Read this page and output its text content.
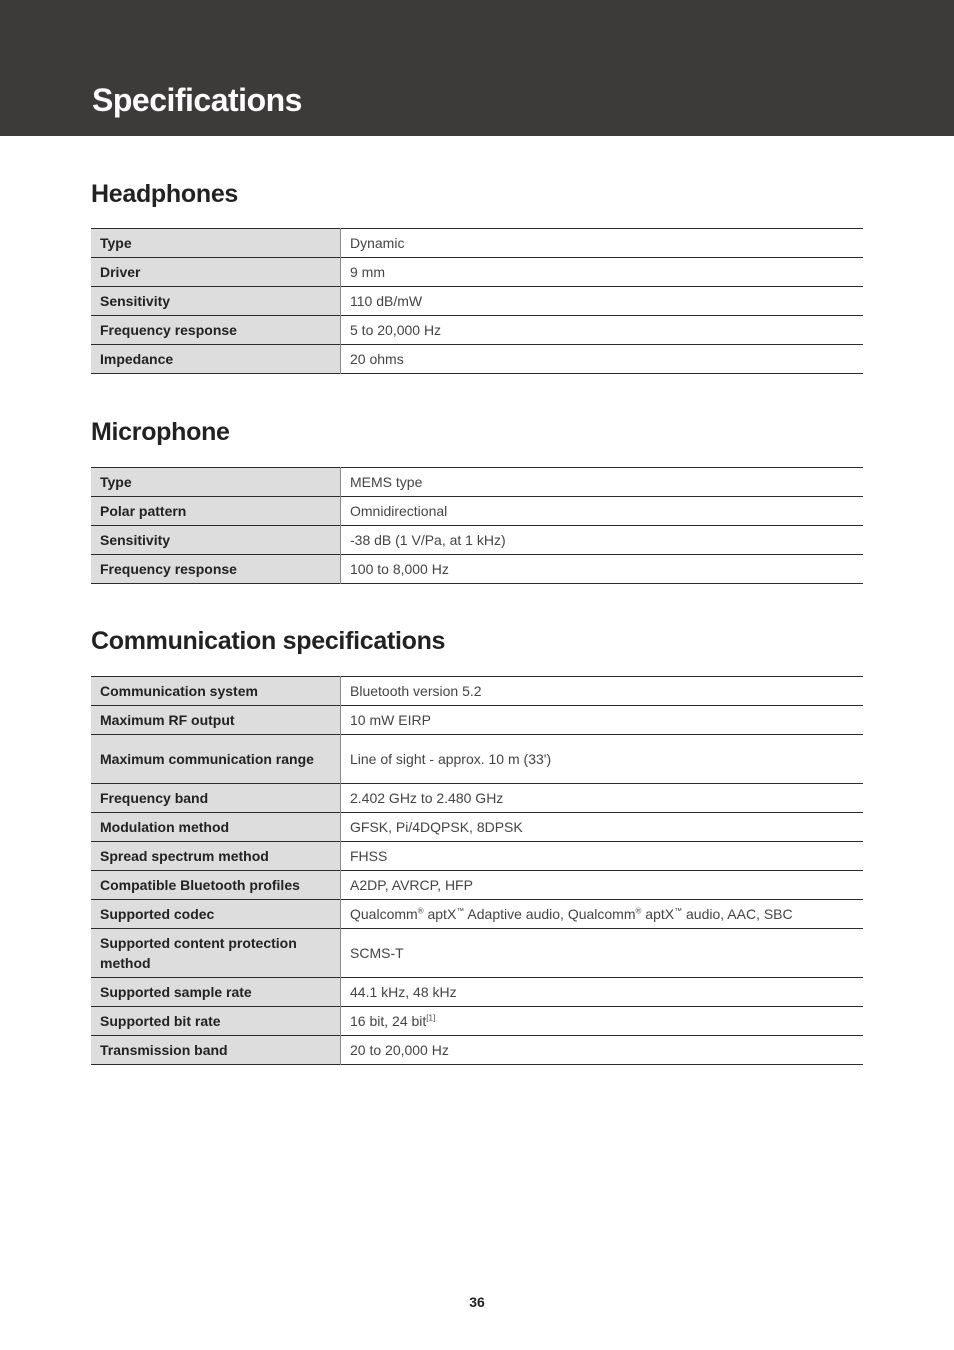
Specifications
Headphones
Type	Dynamic
Driver	9 mm
Sensitivity	110 dB/mW
Frequency response	5 to 20,000 Hz
Impedance	20 ohms
Microphone
Type	MEMS type
Polar pattern	Omnidirectional
Sensitivity	-38 dB (1 V/Pa, at 1 kHz)
Frequency response	100 to 8,000 Hz
Communication specifications
Communication system	Bluetooth version 5.2
Maximum RF output	10 mW EIRP
Maximum communication range	Line of sight - approx. 10 m (33')
Frequency band	2.402 GHz to 2.480 GHz
Modulation method	GFSK, Pi/4DQPSK, 8DPSK
Spread spectrum method	FHSS
Compatible Bluetooth profiles	A2DP, AVRCP, HFP
Supported codec	Qualcomm® aptX™ Adaptive audio, Qualcomm® aptX™ audio, AAC, SBC
Supported content protection method	SCMS-T
Supported sample rate	44.1 kHz, 48 kHz
Supported bit rate	16 bit, 24 bit[1]
Transmission band	20 to 20,000 Hz
36
